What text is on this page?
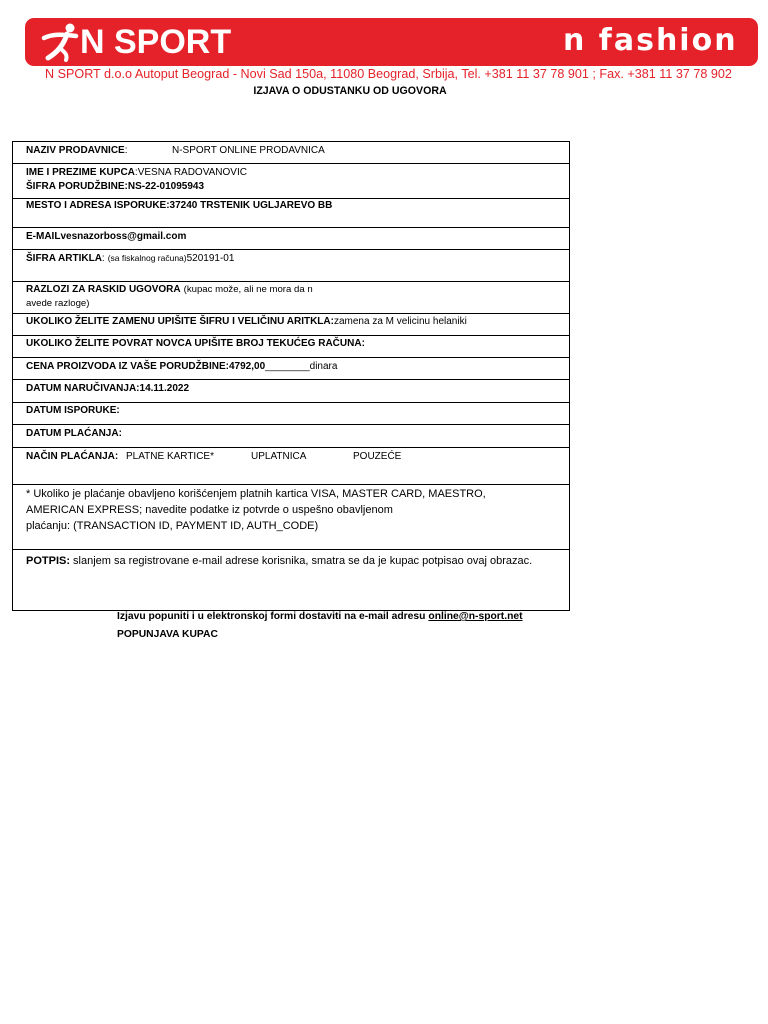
N SPORT	n fashion
N SPORT d.o.o Autoput Beograd - Novi Sad 150a, 11080 Beograd, Srbija, Tel. +381 11 37 78 901 ; Fax. +381 11 37 78 902
IZJAVA O ODUSTANKU OD UGOVORA
NAZIV PRODAVNICE:	N-SPORT ONLINE PRODAVNICA
IME I PREZIME KUPCA:VESNA RADOVANOVIC
ŠIFRA PORUDŽBINE:NS-22-01095943
MESTO I ADRESA ISPORUKE:37240 TRSTENIK UGLJAREVO BB
E-MAILvesnazorboss@gmail.com
ŠIFRA ARTIKLA: (sa fiskalnog računa)520191-01
RAZLOZI ZA RASKID UGOVORA (kupac može, ali ne mora da n
avede razloge)
UKOLIKO ŽELITE ZAMENU UPIŠITE ŠIFRU I VELIČINU ARITKLA:zamena za M velicinu helaniki
UKOLIKO ŽELITE POVRAT NOVCA UPIŠITE BROJ TEKUĆEG RAČUNA:
CENA PROIZVODA IZ VAŠE PORUDŽBINE:4792,00________dinara
DATUM NARUČIVANJA:14.11.2022
DATUM ISPORUKE:
DATUM PLAĆANJA:
NAČIN PLAĆANJA: PLATNE KARTICE*	UPLATNICA	POUZEĆE
* Ukoliko je plaćanje obavljeno korišćenjem platnih kartica VISA, MASTER CARD, MAESTRO,
AMERICAN EXPRESS; navedite podatke iz potvrde o uspešno obavljenom
plaćanju: (TRANSACTION ID, PAYMENT ID, AUTH_CODE)
POTPIS: slanjem sa registrovane e-mail adrese korisnika, smatra se da je kupac potpisao ovaj obrazac.
Izjavu popuniti i u elektronskoj formi dostaviti na e-mail adresu online@n-sport.net
POPUNJAVA KUPAC
